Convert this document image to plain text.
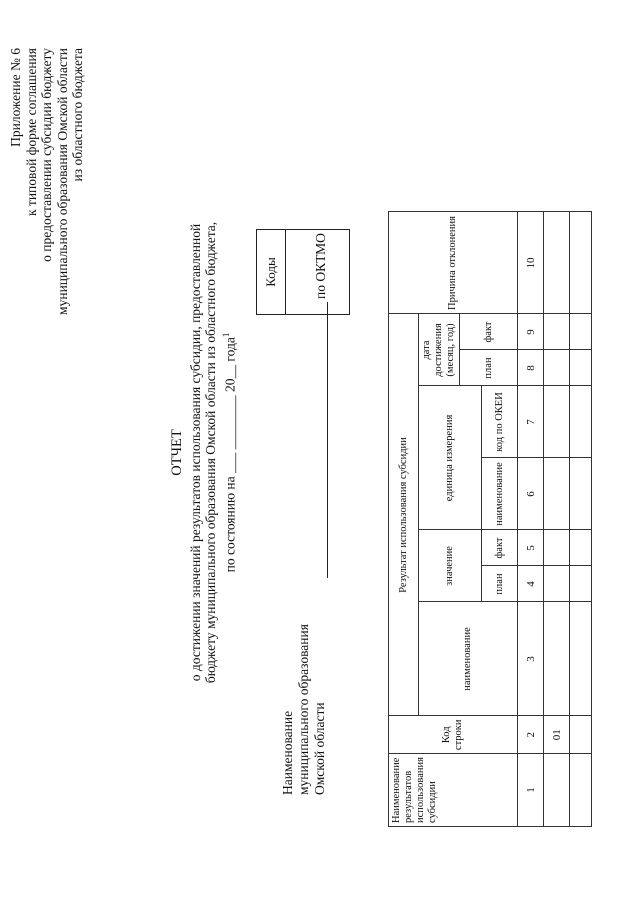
Приложение № 6 к типовой форме соглашения о предоставлении субсидии бюджету муниципального образования Омской области из областного бюджета
Коды
ОТЧЕТ о достижении значений результатов использования субсидии, предоставленной бюджету муниципального образования Омской области из областного бюджета, по состоянию на ___ ________ 20__ года$^1$
Наименование муниципального образования Омской области
по ОКТМО
Наименование результатов использования субсидии	Код строки	Результат использования субсидии							Причина отклонения
		наименование	значение		единица измерения		дата достижения (месяц, год)		
							план	факт	
			план	факт	наименование	код по ОКЕИ			
1	2	3	4	5	6	7	8	9	10
	01								
